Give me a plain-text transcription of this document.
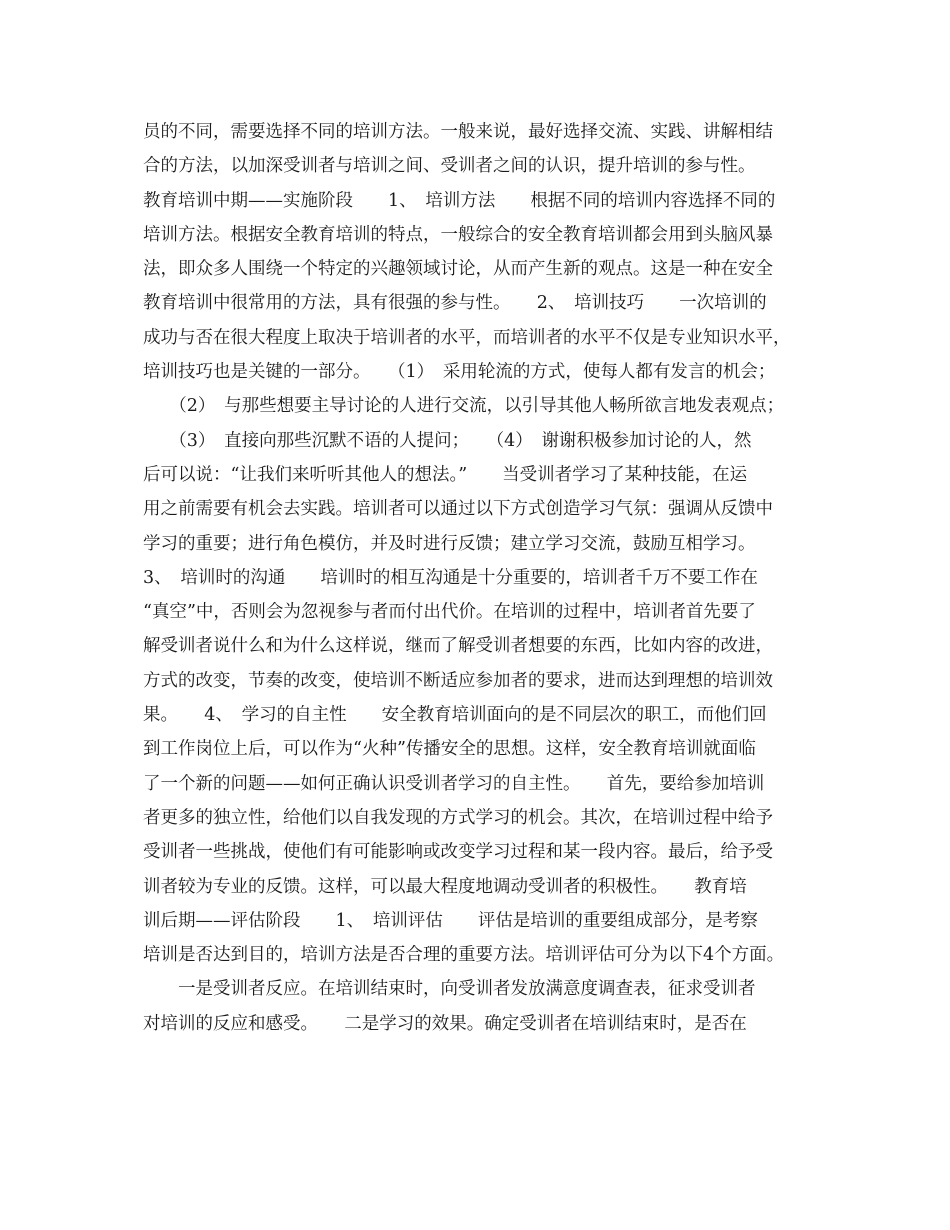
员的不同，需要选择不同的培训方法。一般来说，最好选择交流、实践、讲解相结
合的方法，以加深受训者与培训之间、受训者之间的认识，提升培训的参与性。
教育培训中期——实施阶段　　1、　培训方法　　根据不同的培训内容选择不同的
培训方法。根据安全教育培训的特点，一般综合的安全教育培训都会用到头脑风暴
法，即众多人围绕一个特定的兴趣领域讨论，从而产生新的观点。这是一种在安全
教育培训中很常用的方法，具有很强的参与性。　　2、　培训技巧　　一次培训的
成功与否在很大程度上取决于培训者的水平，而培训者的水平不仅是专业知识水平，
培训技巧也是关键的一部分。　　（1）　采用轮流的方式，使每人都有发言的机会；
　　（2）　与那些想要主导讨论的人进行交流，以引导其他人畅所欲言地发表观点；
　　（3）　直接向那些沉默不语的人提问；　　（4）　谢谢积极参加讨论的人，然
后可以说：“让我们来听听其他人的想法。”　　当受训者学习了某种技能，在运
用之前需要有机会去实践。培训者可以通过以下方式创造学习气氛：强调从反馈中
学习的重要；进行角色模仿，并及时进行反馈；建立学习交流，鼓励互相学习。
3、　培训时的沟通　　培训时的相互沟通是十分重要的，培训者千万不要工作在
“真空”中，否则会为忽视参与者而付出代价。在培训的过程中，培训者首先要了
解受训者说什么和为什么这样说，继而了解受训者想要的东西，比如内容的改进，
方式的改变，节奏的改变，使培训不断适应参加者的要求，进而达到理想的培训效
果。　　4、　学习的自主性　　安全教育培训面向的是不同层次的职工，而他们回
到工作岗位上后，可以作为“火种”传播安全的思想。这样，安全教育培训就面临
了一个新的问题——如何正确认识受训者学习的自主性。　　首先，要给参加培训
者更多的独立性，给他们以自我发现的方式学习的机会。其次，在培训过程中给予
受训者一些挑战，使他们有可能影响或改变学习过程和某一段内容。最后，给予受
训者较为专业的反馈。这样，可以最大程度地调动受训者的积极性。　　教育培
训后期——评估阶段　　1、　培训评估　　评估是培训的重要组成部分，是考察
培训是否达到目的，培训方法是否合理的重要方法。培训评估可分为以下4个方面。
　　一是受训者反应。在培训结束时，向受训者发放满意度调查表，征求受训者
对培训的反应和感受。　　二是学习的效果。确定受训者在培训结束时，是否在
